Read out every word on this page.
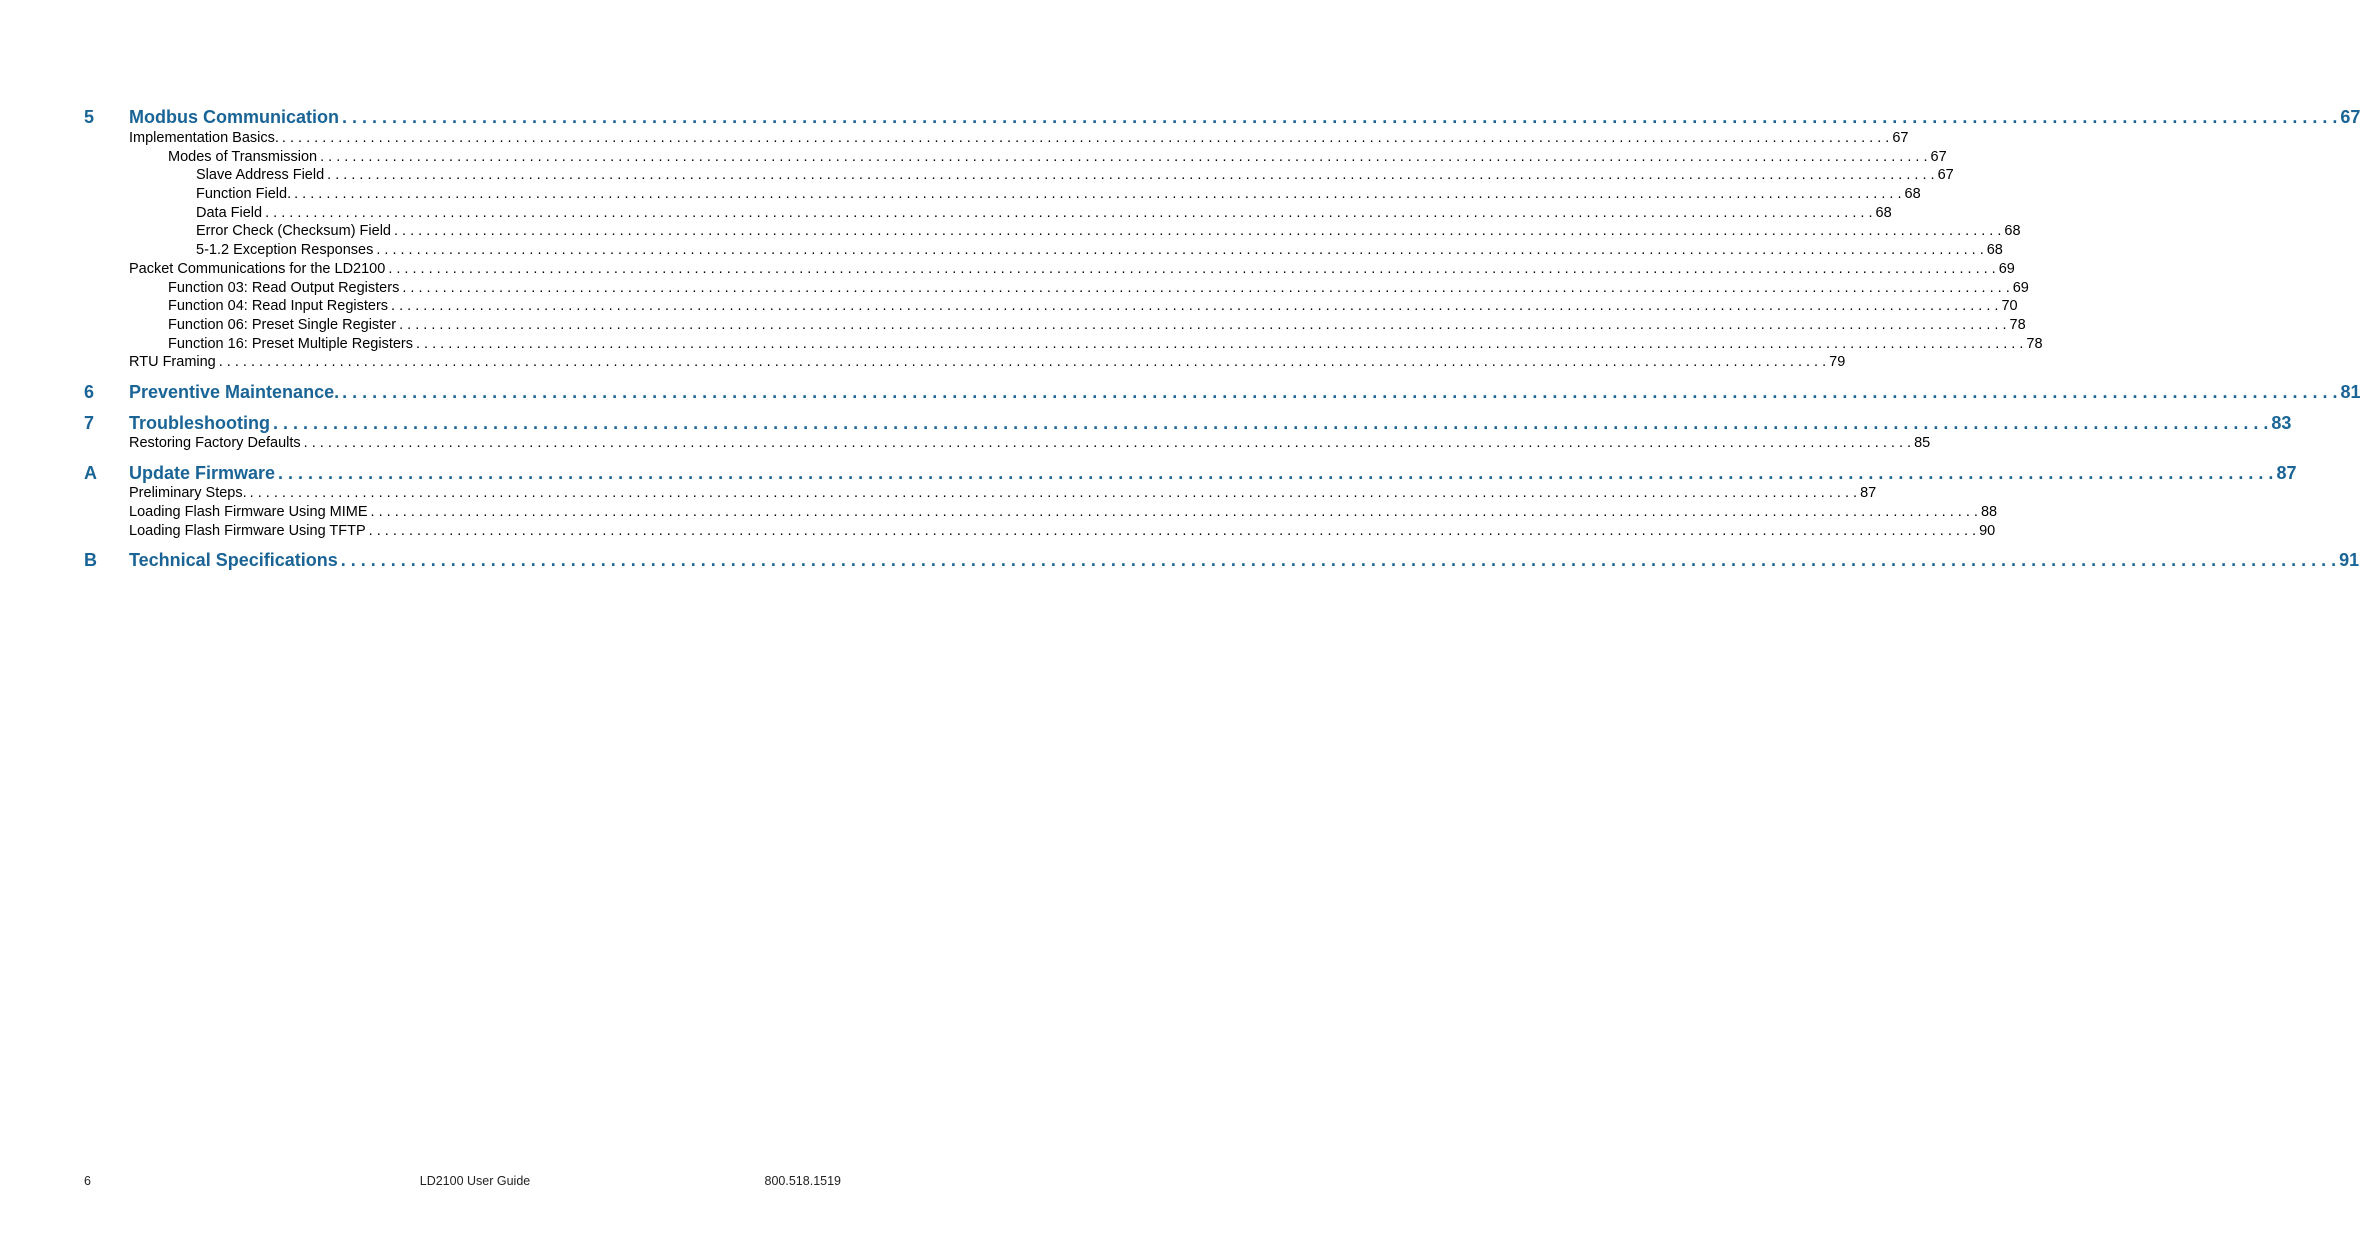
5 Modbus Communication . . . . . . . . . . . . . . . . . . . . . . . . . . . . . . . . . . . . . . . . . . . . . . . . . . . . . . . . . . . . . . . . . . . . . . . . . . . . . . . . . . . . . . . . . . . . . . . . . . . . . . . . . . . . . . . . . . . . . . . . . . . . . . . . . . . . . . . . . . . . . . . . . . . . . . . . . . . . . . . . . . . . . . . . . . . . . . . . . . . . . . . . . . . . . . . . . . . . . . . . 67
Implementation Basics. . . . . . . . . . . . . . . . . . . . . . . . . . . . . . . . . . . . . . . . . . . . . . . . . . . . . . . . . . . . . . . . . . . . . . . . . . . . . . . . . . . . . . . . . . . . . . . . . . . . . . . . . . . . . . . . . . . . . . . . . . . . . . . . . . . . . . . . . . . . . . . . . . . . . . . . . . . . . . . . . . . . . . . . . . . . . . . . . . . . . . . . . . . . . . . . . . . . . . . . . 67
Modes of Transmission . . . . . . . . . . . . . . . . . . . . . . . . . . . . . . . . . . . . . . . . . . . . . . . . . . . . . . . . . . . . . . . . . . . . . . . . . . . . . . . . . . . . . . . . . . . . . . . . . . . . . . . . . . . . . . . . . . . . . . . . . . . . . . . . . . . . . . . . . . . . . . . . . . . . . . . . . . . . . . . . . . . . . . . . . . . . . . . . . . . . . . . . . . . . . . . . . . . . . . . . 67
Slave Address Field . . . . . . . . . . . . . . . . . . . . . . . . . . . . . . . . . . . . . . . . . . . . . . . . . . . . . . . . . . . . . . . . . . . . . . . . . . . . . . . . . . . . . . . . . . . . . . . . . . . . . . . . . . . . . . . . . . . . . . . . . . . . . . . . . . . . . . . . . . . . . . . . . . . . . . . . . . . . . . . . . . . . . . . . . . . . . . . . . . . . . . . . . . . . . . . . . . . . . . . . 67
Function Field. . . . . . . . . . . . . . . . . . . . . . . . . . . . . . . . . . . . . . . . . . . . . . . . . . . . . . . . . . . . . . . . . . . . . . . . . . . . . . . . . . . . . . . . . . . . . . . . . . . . . . . . . . . . . . . . . . . . . . . . . . . . . . . . . . . . . . . . . . . . . . . . . . . . . . . . . . . . . . . . . . . . . . . . . . . . . . . . . . . . . . . . . . . . . . . . . . . . . . . . . 68
Data Field . . . . . . . . . . . . . . . . . . . . . . . . . . . . . . . . . . . . . . . . . . . . . . . . . . . . . . . . . . . . . . . . . . . . . . . . . . . . . . . . . . . . . . . . . . . . . . . . . . . . . . . . . . . . . . . . . . . . . . . . . . . . . . . . . . . . . . . . . . . . . . . . . . . . . . . . . . . . . . . . . . . . . . . . . . . . . . . . . . . . . . . . . . . . . . . . . . . . . . . . 68
Error Check (Checksum) Field . . . . . . . . . . . . . . . . . . . . . . . . . . . . . . . . . . . . . . . . . . . . . . . . . . . . . . . . . . . . . . . . . . . . . . . . . . . . . . . . . . . . . . . . . . . . . . . . . . . . . . . . . . . . . . . . . . . . . . . . . . . . . . . . . . . . . . . . . . . . . . . . . . . . . . . . . . . . . . . . . . . . . . . . . . . . . . . . . . . . . . . . . . . . . . . . . . . . . . . . 68
5-1.2 Exception Responses . . . . . . . . . . . . . . . . . . . . . . . . . . . . . . . . . . . . . . . . . . . . . . . . . . . . . . . . . . . . . . . . . . . . . . . . . . . . . . . . . . . . . . . . . . . . . . . . . . . . . . . . . . . . . . . . . . . . . . . . . . . . . . . . . . . . . . . . . . . . . . . . . . . . . . . . . . . . . . . . . . . . . . . . . . . . . . . . . . . . . . . . . . . . . . . . . . . . . . . . 68
Packet Communications for the LD2100 . . . . . . . . . . . . . . . . . . . . . . . . . . . . . . . . . . . . . . . . . . . . . . . . . . . . . . . . . . . . . . . . . . . . . . . . . . . . . . . . . . . . . . . . . . . . . . . . . . . . . . . . . . . . . . . . . . . . . . . . . . . . . . . . . . . . . . . . . . . . . . . . . . . . . . . . . . . . . . . . . . . . . . . . . . . . . . . . . . . . . . . . . . . . . . . . . . . . . . . . 69
Function 03: Read Output Registers . . . . . . . . . . . . . . . . . . . . . . . . . . . . . . . . . . . . . . . . . . . . . . . . . . . . . . . . . . . . . . . . . . . . . . . . . . . . . . . . . . . . . . . . . . . . . . . . . . . . . . . . . . . . . . . . . . . . . . . . . . . . . . . . . . . . . . . . . . . . . . . . . . . . . . . . . . . . . . . . . . . . . . . . . . . . . . . . . . . . . . . . . . . . . . . . . . . . . . . . 69
Function 04: Read Input Registers . . . . . . . . . . . . . . . . . . . . . . . . . . . . . . . . . . . . . . . . . . . . . . . . . . . . . . . . . . . . . . . . . . . . . . . . . . . . . . . . . . . . . . . . . . . . . . . . . . . . . . . . . . . . . . . . . . . . . . . . . . . . . . . . . . . . . . . . . . . . . . . . . . . . . . . . . . . . . . . . . . . . . . . . . . . . . . . . . . . . . . . . . . . . . . . . . . . . . . . . 70
Function 06: Preset Single Register . . . . . . . . . . . . . . . . . . . . . . . . . . . . . . . . . . . . . . . . . . . . . . . . . . . . . . . . . . . . . . . . . . . . . . . . . . . . . . . . . . . . . . . . . . . . . . . . . . . . . . . . . . . . . . . . . . . . . . . . . . . . . . . . . . . . . . . . . . . . . . . . . . . . . . . . . . . . . . . . . . . . . . . . . . . . . . . . . . . . . . . . . . . . . . . . . . . . . . . . 78
Function 16: Preset Multiple Registers . . . . . . . . . . . . . . . . . . . . . . . . . . . . . . . . . . . . . . . . . . . . . . . . . . . . . . . . . . . . . . . . . . . . . . . . . . . . . . . . . . . . . . . . . . . . . . . . . . . . . . . . . . . . . . . . . . . . . . . . . . . . . . . . . . . . . . . . . . . . . . . . . . . . . . . . . . . . . . . . . . . . . . . . . . . . . . . . . . . . . . . . . . . . . . . . . . . . . . . . 78
RTU Framing . . . . . . . . . . . . . . . . . . . . . . . . . . . . . . . . . . . . . . . . . . . . . . . . . . . . . . . . . . . . . . . . . . . . . . . . . . . . . . . . . . . . . . . . . . . . . . . . . . . . . . . . . . . . . . . . . . . . . . . . . . . . . . . . . . . . . . . . . . . . . . . . . . . . . . . . . . . . . . . . . . . . . . . . . . . . . . . . . . . . . . . . . . . . . . . . . . . . . . . . 79
6 Preventive Maintenance. . . . . . . . . . . . . . . . . . . . . . . . . . . . . . . . . . . . . . . . . . . . . . . . . . . . . . . . . . . . . . . . . . . . . . . . . . . . . . . . . . . . . . . . . . . . . . . . . . . . . . . . . . . . . . . . . . . . . . . . . . . . . . . . . . . . . . . . . . . . . . . . . . . . . . . . . . . . . . . . . . . . . . . . . . . . . . . . . . . . . . . . . . . . . . . . . . . . . . . . . 81
7 Troubleshooting . . . . . . . . . . . . . . . . . . . . . . . . . . . . . . . . . . . . . . . . . . . . . . . . . . . . . . . . . . . . . . . . . . . . . . . . . . . . . . . . . . . . . . . . . . . . . . . . . . . . . . . . . . . . . . . . . . . . . . . . . . . . . . . . . . . . . . . . . . . . . . . . . . . . . . . . . . . . . . . . . . . . . . . . . . . . . . . . . . . . . . . . . . . . . . . . . . . . . . . . 83
Restoring Factory Defaults . . . . . . . . . . . . . . . . . . . . . . . . . . . . . . . . . . . . . . . . . . . . . . . . . . . . . . . . . . . . . . . . . . . . . . . . . . . . . . . . . . . . . . . . . . . . . . . . . . . . . . . . . . . . . . . . . . . . . . . . . . . . . . . . . . . . . . . . . . . . . . . . . . . . . . . . . . . . . . . . . . . . . . . . . . . . . . . . . . . . . . . . . . . . . . . . . . . . . . . . 85
A Update Firmware . . . . . . . . . . . . . . . . . . . . . . . . . . . . . . . . . . . . . . . . . . . . . . . . . . . . . . . . . . . . . . . . . . . . . . . . . . . . . . . . . . . . . . . . . . . . . . . . . . . . . . . . . . . . . . . . . . . . . . . . . . . . . . . . . . . . . . . . . . . . . . . . . . . . . . . . . . . . . . . . . . . . . . . . . . . . . . . . . . . . . . . . . . . . . . . . . . . . . . . . 87
Preliminary Steps. . . . . . . . . . . . . . . . . . . . . . . . . . . . . . . . . . . . . . . . . . . . . . . . . . . . . . . . . . . . . . . . . . . . . . . . . . . . . . . . . . . . . . . . . . . . . . . . . . . . . . . . . . . . . . . . . . . . . . . . . . . . . . . . . . . . . . . . . . . . . . . . . . . . . . . . . . . . . . . . . . . . . . . . . . . . . . . . . . . . . . . . . . . . . . . . . . . . . . . . . 87
Loading Flash Firmware Using MIME . . . . . . . . . . . . . . . . . . . . . . . . . . . . . . . . . . . . . . . . . . . . . . . . . . . . . . . . . . . . . . . . . . . . . . . . . . . . . . . . . . . . . . . . . . . . . . . . . . . . . . . . . . . . . . . . . . . . . . . . . . . . . . . . . . . . . . . . . . . . . . . . . . . . . . . . . . . . . . . . . . . . . . . . . . . . . . . . . . . . . . . . . . . . . . . . . . . . . . . . 88
Loading Flash Firmware Using TFTP . . . . . . . . . . . . . . . . . . . . . . . . . . . . . . . . . . . . . . . . . . . . . . . . . . . . . . . . . . . . . . . . . . . . . . . . . . . . . . . . . . . . . . . . . . . . . . . . . . . . . . . . . . . . . . . . . . . . . . . . . . . . . . . . . . . . . . . . . . . . . . . . . . . . . . . . . . . . . . . . . . . . . . . . . . . . . . . . . . . . . . . . . . . . . . . . . . . . . . . . 90
B Technical Specifications . . . . . . . . . . . . . . . . . . . . . . . . . . . . . . . . . . . . . . . . . . . . . . . . . . . . . . . . . . . . . . . . . . . . . . . . . . . . . . . . . . . . . . . . . . . . . . . . . . . . . . . . . . . . . . . . . . . . . . . . . . . . . . . . . . . . . . . . . . . . . . . . . . . . . . . . . . . . . . . . . . . . . . . . . . . . . . . . . . . . . . . . . . . . . . . . . . . . . . . . 91
6	LD2100 User Guide	800.518.1519
